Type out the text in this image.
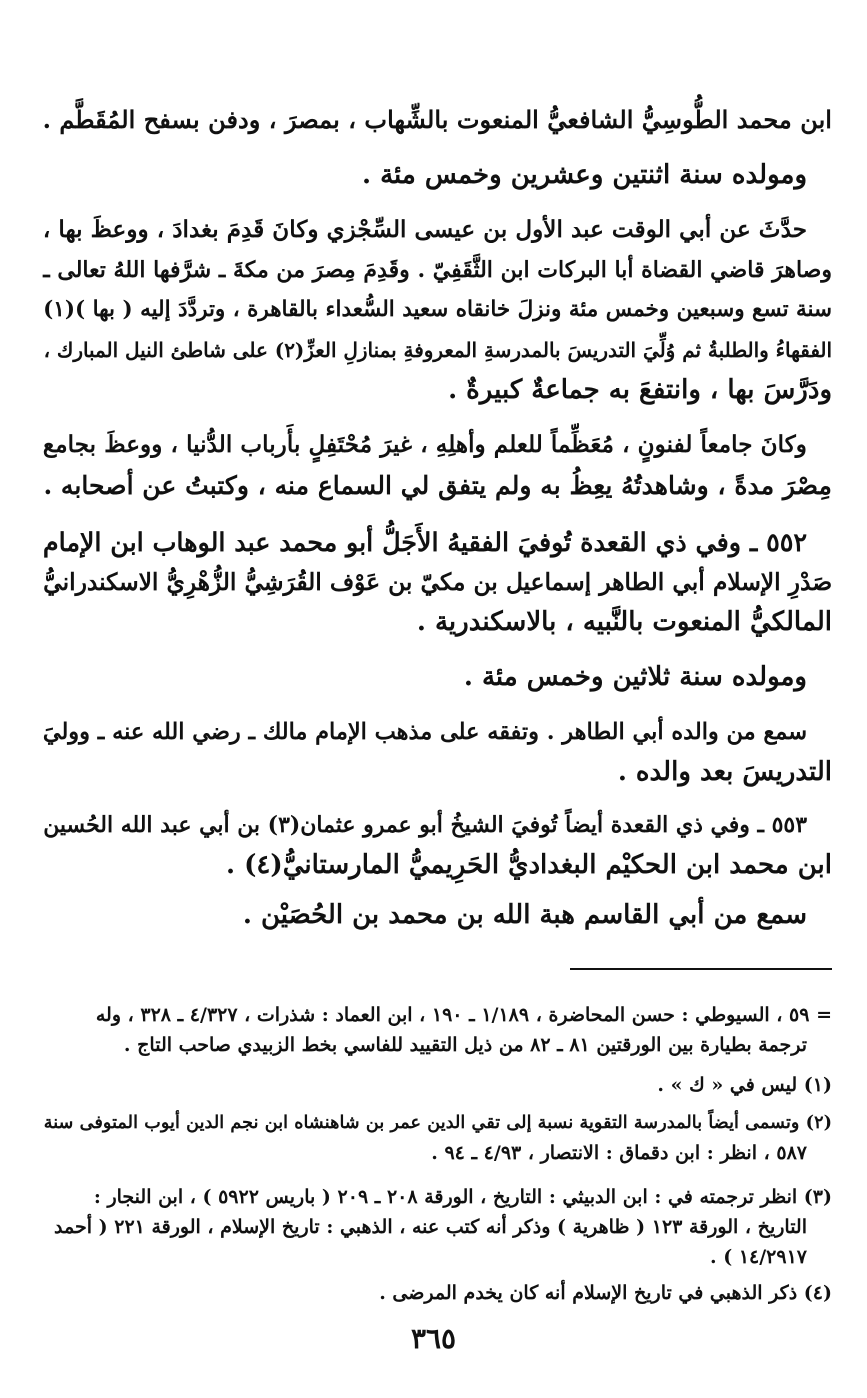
ابن محمد الطُّوسِيُّ الشافعيُّ المنعوت بالشِّهاب ، بمصرَ ، ودفن بسفح المُقَطَّم .

ومولده سنة اثنتين وعشرين وخمس مئة .

حدَّثَ عن أبي الوقت عبد الأول بن عيسى السِّجْزي وكانَ قَدِمَ بغدادَ ، ووعظَ بها ،

وصاهرَ قاضي القضاة أبا البركات ابن الثَّقَفِيّ . وقَدِمَ مِصرَ من مكةَ ـ شرَّفها اللهُ تعالى ـ

سنة تسع وسبعين وخمس مئة ونزلَ خانقاه سعيد السُّعداء بالقاهرة ، وتردَّدَ إليه ( بها )(١)

الفقهاءُ والطلبةُ ثم وُلِّيَ التدريسَ بالمدرسةِ المعروفةِ بمنازلِ العزِّ(٢) على شاطئ النيل المبارك ،

ودَرَّسَ بها ، وانتفعَ به جماعةٌ كبيرةٌ .

وكانَ جامعاً لفنونٍ ، مُعَظِّماً للعلم وأهلِهِ ، غيرَ مُحْتَفِلٍ بأَرباب الدُّنيا ، ووعظَ بجامع

مِصْرَ مدةً ، وشاهدتُهُ يعِظُ به ولم يتفق لي السماع منه ، وكتبتُ عن أصحابه .

٥٥٢ ـ وفي ذي القعدة تُوفيَ الفقيهُ الأَجَلُّ أبو محمد عبد الوهاب ابن الإمام

صَدْرِ الإسلام أبي الطاهر إسماعيل بن مكيّ بن عَوْف القُرَشِيُّ الزُّهْرِيُّ الاسكندرانيُّ

المالكيُّ المنعوت بالنَّبيه ، بالاسكندرية .

ومولده سنة ثلاثين وخمس مئة .

سمع من والده أبي الطاهر . وتفقه على مذهب الإمام مالك ـ رضي الله عنه ـ ووليَ

التدريسَ بعد والده .

٥٥٣ ـ وفي ذي القعدة أيضاً تُوفيَ الشيخُ أبو عمرو عثمان(٣) بن أبي عبد الله الحُسين

ابن محمد ابن الحكيْم البغداديُّ الحَرِيميُّ المارستانيُّ(٤) .

سمع من أبي القاسم هبة الله بن محمد بن الحُصَيْن .

= ٥٩ ، السيوطي : حسن المحاضرة ، ١/١٨٩ ـ ١٩٠ ، ابن العماد : شذرات ، ٤/٣٢٧ ـ ٣٢٨ ، وله

ترجمة بطيارة بين الورقتين ٨١ ـ ٨٢ من ذيل التقييد للفاسي بخط الزبيدي صاحب التاج .

(١) ليس في « ك » .

(٢) وتسمى أيضاً بالمدرسة التقوية نسبة إلى تقي الدين عمر بن شاهنشاه ابن نجم الدين أيوب المتوفى سنة

٥٨٧ ، انظر : ابن دقماق : الانتصار ، ٤/٩٣ ـ ٩٤ .

(٣) انظر ترجمته في : ابن الدبيثي : التاريخ ، الورقة ٢٠٨ ـ ٢٠٩ ( باريس ٥٩٢٢ ) ، ابن النجار :

التاريخ ، الورقة ١٢٣ ( ظاهرية ) وذكر أنه كتب عنه ، الذهبي : تاريخ الإسلام ، الورقة ٢٢١ ( أحمد

١٤/٢٩١٧ ) .

(٤) ذكر الذهبي في تاريخ الإسلام أنه كان يخدم المرضى .

٣٦٥
